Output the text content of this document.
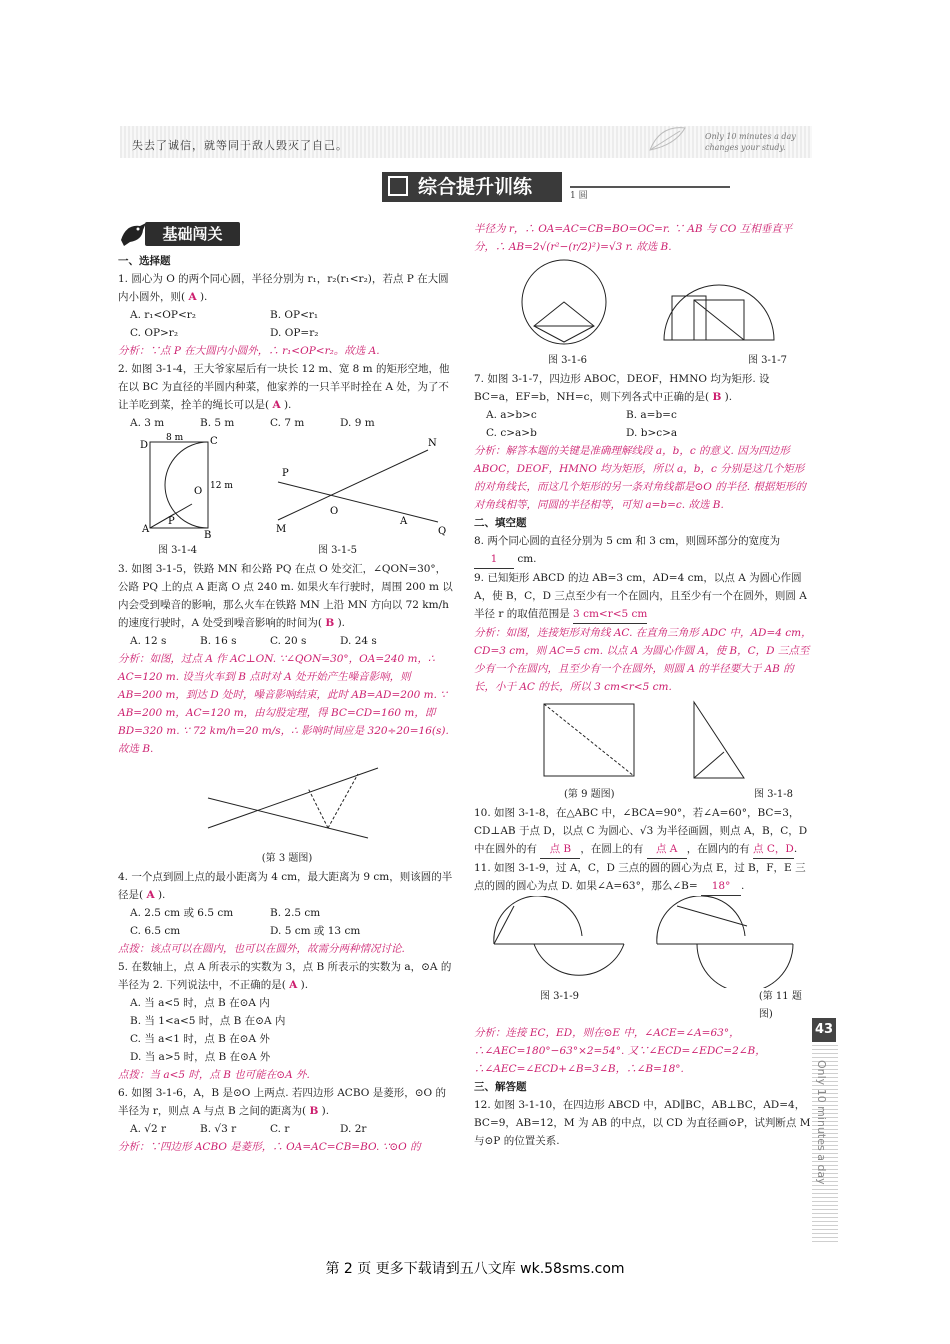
失去了诚信，就等同于敌人毁灭了自己。
Only 10 minutes a day
changes your study.
综合提升训练	1 圆
基础闯关

一、选择题

1. 圆心为 O 的两个同心圆，半径分别为 r₁，r₂(r₁<r₂)，若点 P 在大圆内小圆外，则( A ).

A. r₁<OP<r₂	B. OP<r₁
C. OP>r₂	D. OP=r₂

分析：∵点 P 在大圆内小圆外，∴ r₁<OP<r₂。故选 A.

2. 如图 3-1-4，王大爷家屋后有一块长 12 m、宽 8 m 的矩形空地，他在以 BC 为直径的半圆内种菜，他家养的一只羊平时拴在 A 处，为了不让羊吃到菜，拴羊的绳长可以是( A ).

A. 3 m	B. 5 m	C. 7 m	D. 9 m

D	C
A
B
P
O
8 m
12 m
N
P
M
O
A
Q

图 3-1-4	图 3-1-5

3. 如图 3-1-5，铁路 MN 和公路 PQ 在点 O 处交汇，∠QON=30°，公路 PQ 上的点 A 距离 O 点 240 m. 如果火车行驶时，周围 200 m 以内会受到噪音的影响，那么火车在铁路 MN 上沿 MN 方向以 72 km/h 的速度行驶时，A 处受到噪音影响的时间为( B ).

A. 12 s	B. 16 s	C. 20 s	D. 24 s

分析：如图，过点 A 作 AC⊥ON. ∵∠QON=30°，OA=240 m，∴ AC=120 m. 设当火车到 B 点时对 A 处开始产生噪音影响，则 AB=200 m，到达 D 处时，噪音影响结束，此时 AB=AD=200 m. ∵ AB=200 m，AC=120 m，由勾股定理，得 BC=CD=160 m，即 BD=320 m. ∵ 72 km/h=20 m/s，∴ 影响时间应是 320÷20=16(s). 故选 B.

(第 3 题图)

4. 一个点到圆上点的最小距离为 4 cm，最大距离为 9 cm，则该圆的半径是( A ).

A. 2.5 cm 或 6.5 cm	B. 2.5 cm
C. 6.5 cm	D. 5 cm 或 13 cm

点拨：该点可以在圆内，也可以在圆外，故需分两种情况讨论.

5. 在数轴上，点 A 所表示的实数为 3，点 B 所表示的实数为 a，⊙A 的半径为 2. 下列说法中，不正确的是( A ).

A. 当 a<5 时，点 B 在⊙A 内

B. 当 1<a<5 时，点 B 在⊙A 内

C. 当 a<1 时，点 B 在⊙A 外

D. 当 a>5 时，点 B 在⊙A 外

点拨：当 a<5 时，点 B 也可能在⊙A 外.

6. 如图 3-1-6，A，B 是⊙O 上两点. 若四边形 ACBO 是菱形，⊙O 的半径为 r，则点 A 与点 B 之间的距离为( B ).

A. √2 r	B. √3 r	C. r	D. 2r

分析：∵四边形 ACBO 是菱形，∴ OA=AC=CB=BO. ∵⊙O 的

半径为 r，∴ OA=AC=CB=BO=OC=r. ∵ AB 与 CO 互相垂直平分，∴ AB=2√(r²−(r/2)²)=√3 r. 故选 B.

图 3-1-6	图 3-1-7

7. 如图 3-1-7，四边形 ABOC，DEOF，HMNO 均为矩形. 设 BC=a，EF=b，NH=c，则下列各式中正确的是( B ).

A. a>b>c	B. a=b=c
C. c>a>b	D. b>c>a

分析：解答本题的关键是准确理解线段 a，b，c 的意义. 因为四边形 ABOC，DEOF，HMNO 均为矩形，所以 a，b，c 分别是这几个矩形的对角线长，而这几个矩形的另一条对角线都是⊙O 的半径. 根据矩形的对角线相等，同圆的半径相等，可知 a=b=c. 故选 B.

二、填空题

8. 两个同心圆的直径分别为 5 cm 和 3 cm，则圆环部分的宽度为 1 cm.

9. 已知矩形 ABCD 的边 AB=3 cm，AD=4 cm，以点 A 为圆心作圆 A，使 B，C，D 三点至少有一个在圆内，且至少有一个在圆外，则圆 A 半径 r 的取值范围是 3 cm<r<5 cm

分析：如图，连接矩形对角线 AC. 在直角三角形 ADC 中，AD=4 cm，CD=3 cm，则 AC=5 cm. 以点 A 为圆心作圆 A，使 B，C，D 三点至少有一个在圆内，且至少有一个在圆外，则圆 A 的半径要大于 AB 的长，小于 AC 的长，所以 3 cm<r<5 cm.

(第 9 题图)	图 3-1-8

10. 如图 3-1-8，在△ABC 中，∠BCA=90°，若∠A=60°，BC=3，CD⊥AB 于点 D，以点 C 为圆心、√3 为半径画圆，则点 A，B，C，D 中在圆外的有 点 B ，在圆上的有 点 A ，在圆内的有 点 C，D.

11. 如图 3-1-9，过 A，C，D 三点的圆的圆心为点 E，过 B，F，E 三点的圆的圆心为点 D. 如果∠A=63°，那么∠B= 18° .

图 3-1-9	(第 11 题图)

分析：连接 EC，ED，则在⊙E 中，∠ACE=∠A=63°，∴∠AEC=180°−63°×2=54°. 又∵∠ECD=∠EDC=2∠B，∴∠AEC=∠ECD+∠B=3∠B，∴∠B=18°.

三、解答题

12. 如图 3-1-10，在四边形 ABCD 中，AD∥BC，AB⊥BC，AD=4，BC=9，AB=12，M 为 AB 的中点，以 CD 为直径画⊙P，试判断点 M 与⊙P 的位置关系.

43
Only 10 minutes a day
第 2 页 更多下载请到五八文库 wk.58sms.com
